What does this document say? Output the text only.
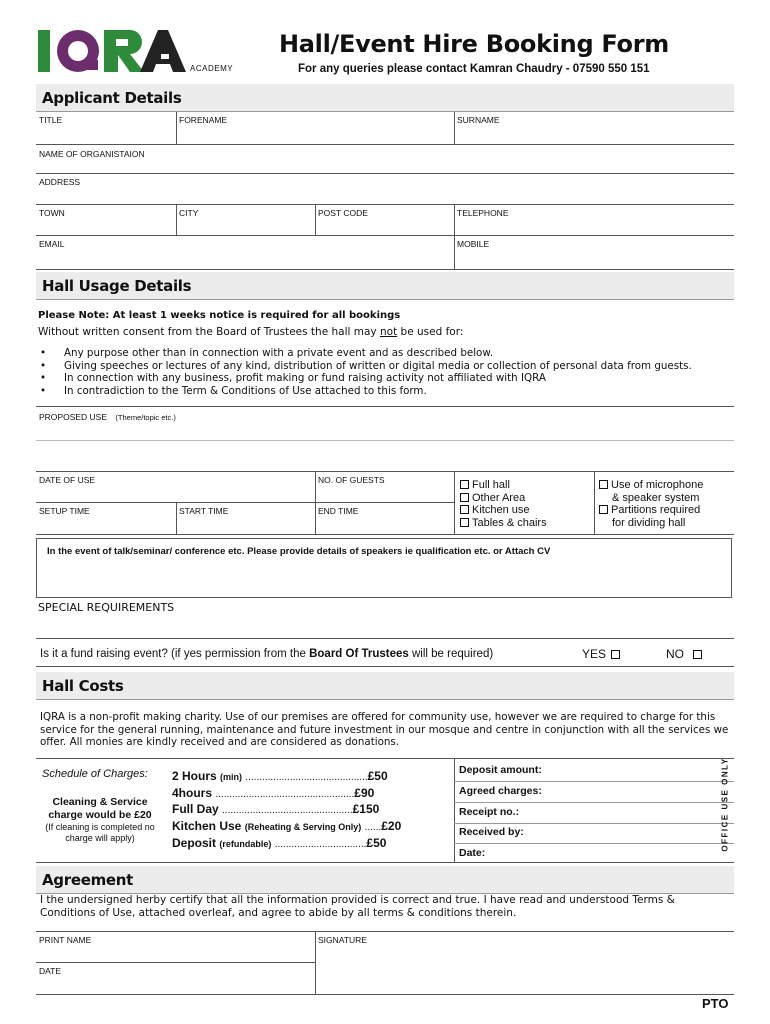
ACADEMY
Hall/Event Hire Booking Form
For any queries please contact Kamran Chaudry - 07590 550 151
Applicant Details
TITLE	FORENAME	SURNAME
NAME OF ORGANISTAION
ADDRESS
TOWN	CITY	POST CODE	TELEPHONE
EMAIL	MOBILE
Hall Usage Details
Please Note: At least 1 weeks notice is required for all bookings
Without written consent from the Board of Trustees the hall may not be used for:
• Any purpose other than in connection with a private event and as described below.
• Giving speeches or lectures of any kind, distribution of written or digital media or collection of personal data from guests.
• In connection with any business, profit making or fund raising activity not affiliated with IQRA
• In contradiction to the Term & Conditions of Use attached to this form.
PROPOSED USE (Theme/topic etc.)
DATE OF USE	NO. OF GUESTS
SETUP TIME	START TIME	END TIME
Full hall
Other Area
Kitchen use
Tables & chairs
Use of microphone
& speaker system
Partitions required
for dividing hall
In the event of talk/seminar/ conference etc. Please provide details of speakers ie qualification etc. or Attach CV
SPECIAL REQUIREMENTS
Is it a fund raising event? (if yes permission from the Board Of Trustees will be required)	YES	NO
Hall Costs
IQRA is a non-profit making charity. Use of our premises are offered for community use, however we are required to charge for this service for the general running, maintenance and future investment in our mosque and centre in conjunction with all the services we offer. All monies are kindly received and are considered as donations.
Schedule of Charges:
Cleaning & Service charge would be £20
(If cleaning is completed no charge will apply)
2 Hours (min) ............................................£50
4hours ..................................................£90
Full Day ...............................................£150
Kitchen Use (Reheating & Serving Only) ......£20
Deposit (refundable) .................................£50
Deposit amount:
Agreed charges:
Receipt no.:
Received by:
Date:
OFFICE USE ONLY
Agreement
I the undersigned herby certify that all the information provided is correct and true. I have read and understood Terms & Conditions of Use, attached overleaf, and agree to abide by all terms & conditions therein.
PRINT NAME	SIGNATURE
DATE
PTO
